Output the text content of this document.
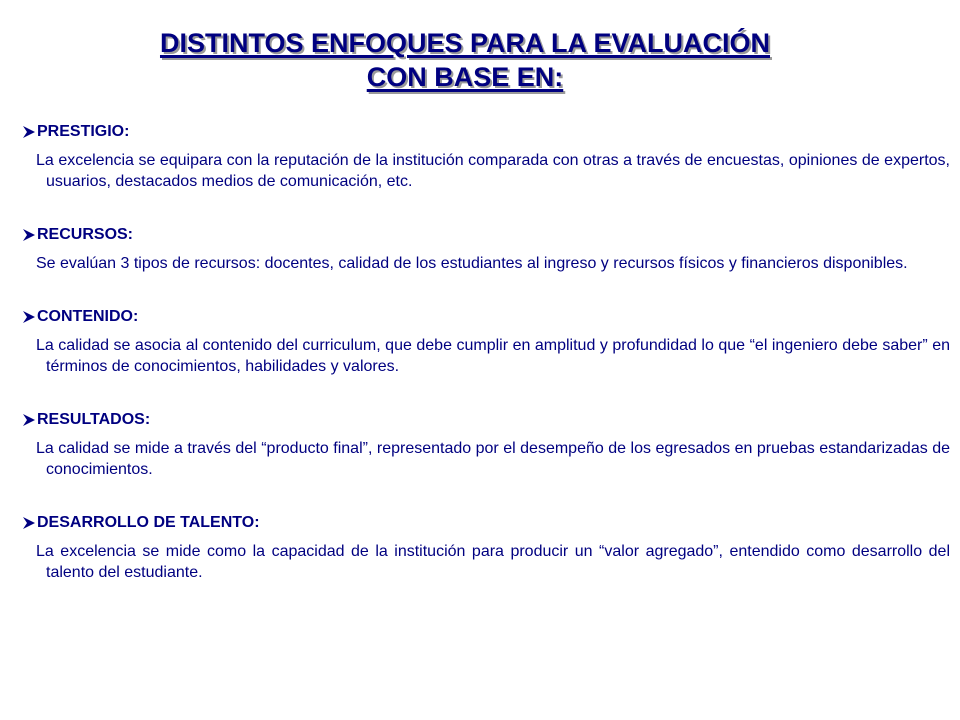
DISTINTOS ENFOQUES PARA LA EVALUACIÓN
CON BASE EN:
PRESTIGIO:
La excelencia se equipara con la reputación de la institución comparada con otras a través de encuestas, opiniones de expertos, usuarios, destacados medios de comunicación, etc.
RECURSOS:
Se evalúan 3 tipos de recursos: docentes, calidad de los estudiantes al ingreso y recursos físicos y financieros disponibles.
CONTENIDO:
La calidad se asocia al contenido del curriculum, que debe cumplir en amplitud y profundidad lo que “el ingeniero debe saber” en términos de conocimientos, habilidades y valores.
RESULTADOS:
La calidad se mide a través del “producto final”, representado por el desempeño de los egresados en pruebas estandarizadas de conocimientos.
DESARROLLO DE TALENTO:
La excelencia se mide como la capacidad de la institución para producir un “valor agregado”, entendido como desarrollo del talento del estudiante.
